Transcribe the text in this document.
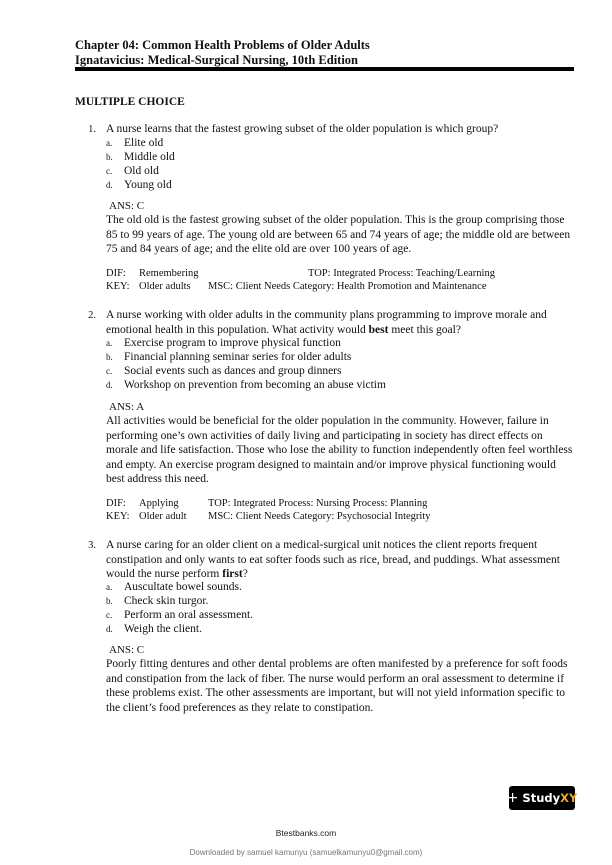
Chapter 04: Common Health Problems of Older Adults
Ignatavicius: Medical-Surgical Nursing, 10th Edition
MULTIPLE CHOICE
1. A nurse learns that the fastest growing subset of the older population is which group?
a. Elite old
b. Middle old
c. Old old
d. Young old
ANS: C
The old old is the fastest growing subset of the older population. This is the group comprising those 85 to 99 years of age. The young old are between 65 and 74 years of age; the middle old are between 75 and 84 years of age; and the elite old are over 100 years of age.
DIF: Remembering	TOP: Integrated Process: Teaching/Learning
KEY: Older adults MSC: Client Needs Category: Health Promotion and Maintenance
2. A nurse working with older adults in the community plans programming to improve morale and emotional health in this population. What activity would best meet this goal?
a. Exercise program to improve physical function
b. Financial planning seminar series for older adults
c. Social events such as dances and group dinners
d. Workshop on prevention from becoming an abuse victim
ANS: A
All activities would be beneficial for the older population in the community. However, failure in performing one’s own activities of daily living and participating in society has direct effects on morale and life satisfaction. Those who lose the ability to function independently often feel worthless and empty. An exercise program designed to maintain and/or improve physical functioning would best address this need.
DIF: Applying	TOP: Integrated Process: Nursing Process: Planning
KEY: Older adult MSC: Client Needs Category: Psychosocial Integrity
3. A nurse caring for an older client on a medical-surgical unit notices the client reports frequent constipation and only wants to eat softer foods such as rice, bread, and puddings. What assessment would the nurse perform first?
a. Auscultate bowel sounds.
b. Check skin turgor.
c. Perform an oral assessment.
d. Weigh the client.
ANS: C
Poorly fitting dentures and other dental problems are often manifested by a preference for soft foods and constipation from the lack of fiber. The nurse would perform an oral assessment to determine if these problems exist. The other assessments are important, but will not yield information specific to the client’s food preferences as they relate to constipation.
+ StudyXY
Btestbanks.com
Downloaded by samuel kamunyu (samuelkamunyu0@gmail.com)
